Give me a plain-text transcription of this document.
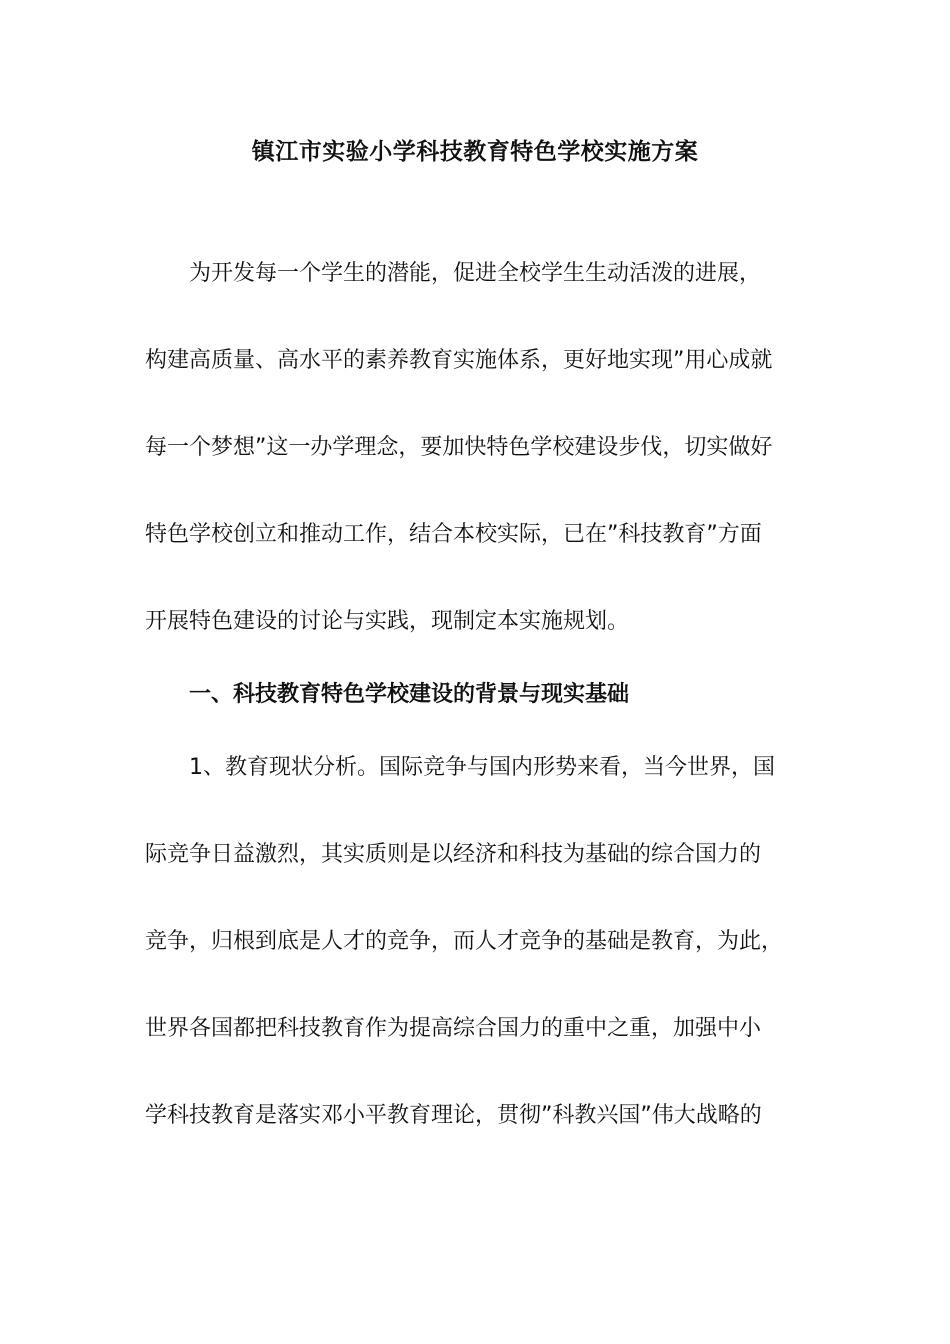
镇江市实验小学科技教育特色学校实施方案

　　为开发每一个学生的潜能，促进全校学生生动活泼的进展，

构建高质量、高水平的素养教育实施体系，更好地实现”用心成就

每一个梦想”这一办学理念，要加快特色学校建设步伐，切实做好

特色学校创立和推动工作，结合本校实际，已在”科技教育”方面

开展特色建设的讨论与实践，现制定本实施规划。

　　一、科技教育特色学校建设的背景与现实基础

　　1、教育现状分析。国际竞争与国内形势来看，当今世界，国

际竞争日益激烈，其实质则是以经济和科技为基础的综合国力的

竞争，归根到底是人才的竞争，而人才竞争的基础是教育，为此，

世界各国都把科技教育作为提高综合国力的重中之重，加强中小

学科技教育是落实邓小平教育理论，贯彻”科教兴国”伟大战略的
